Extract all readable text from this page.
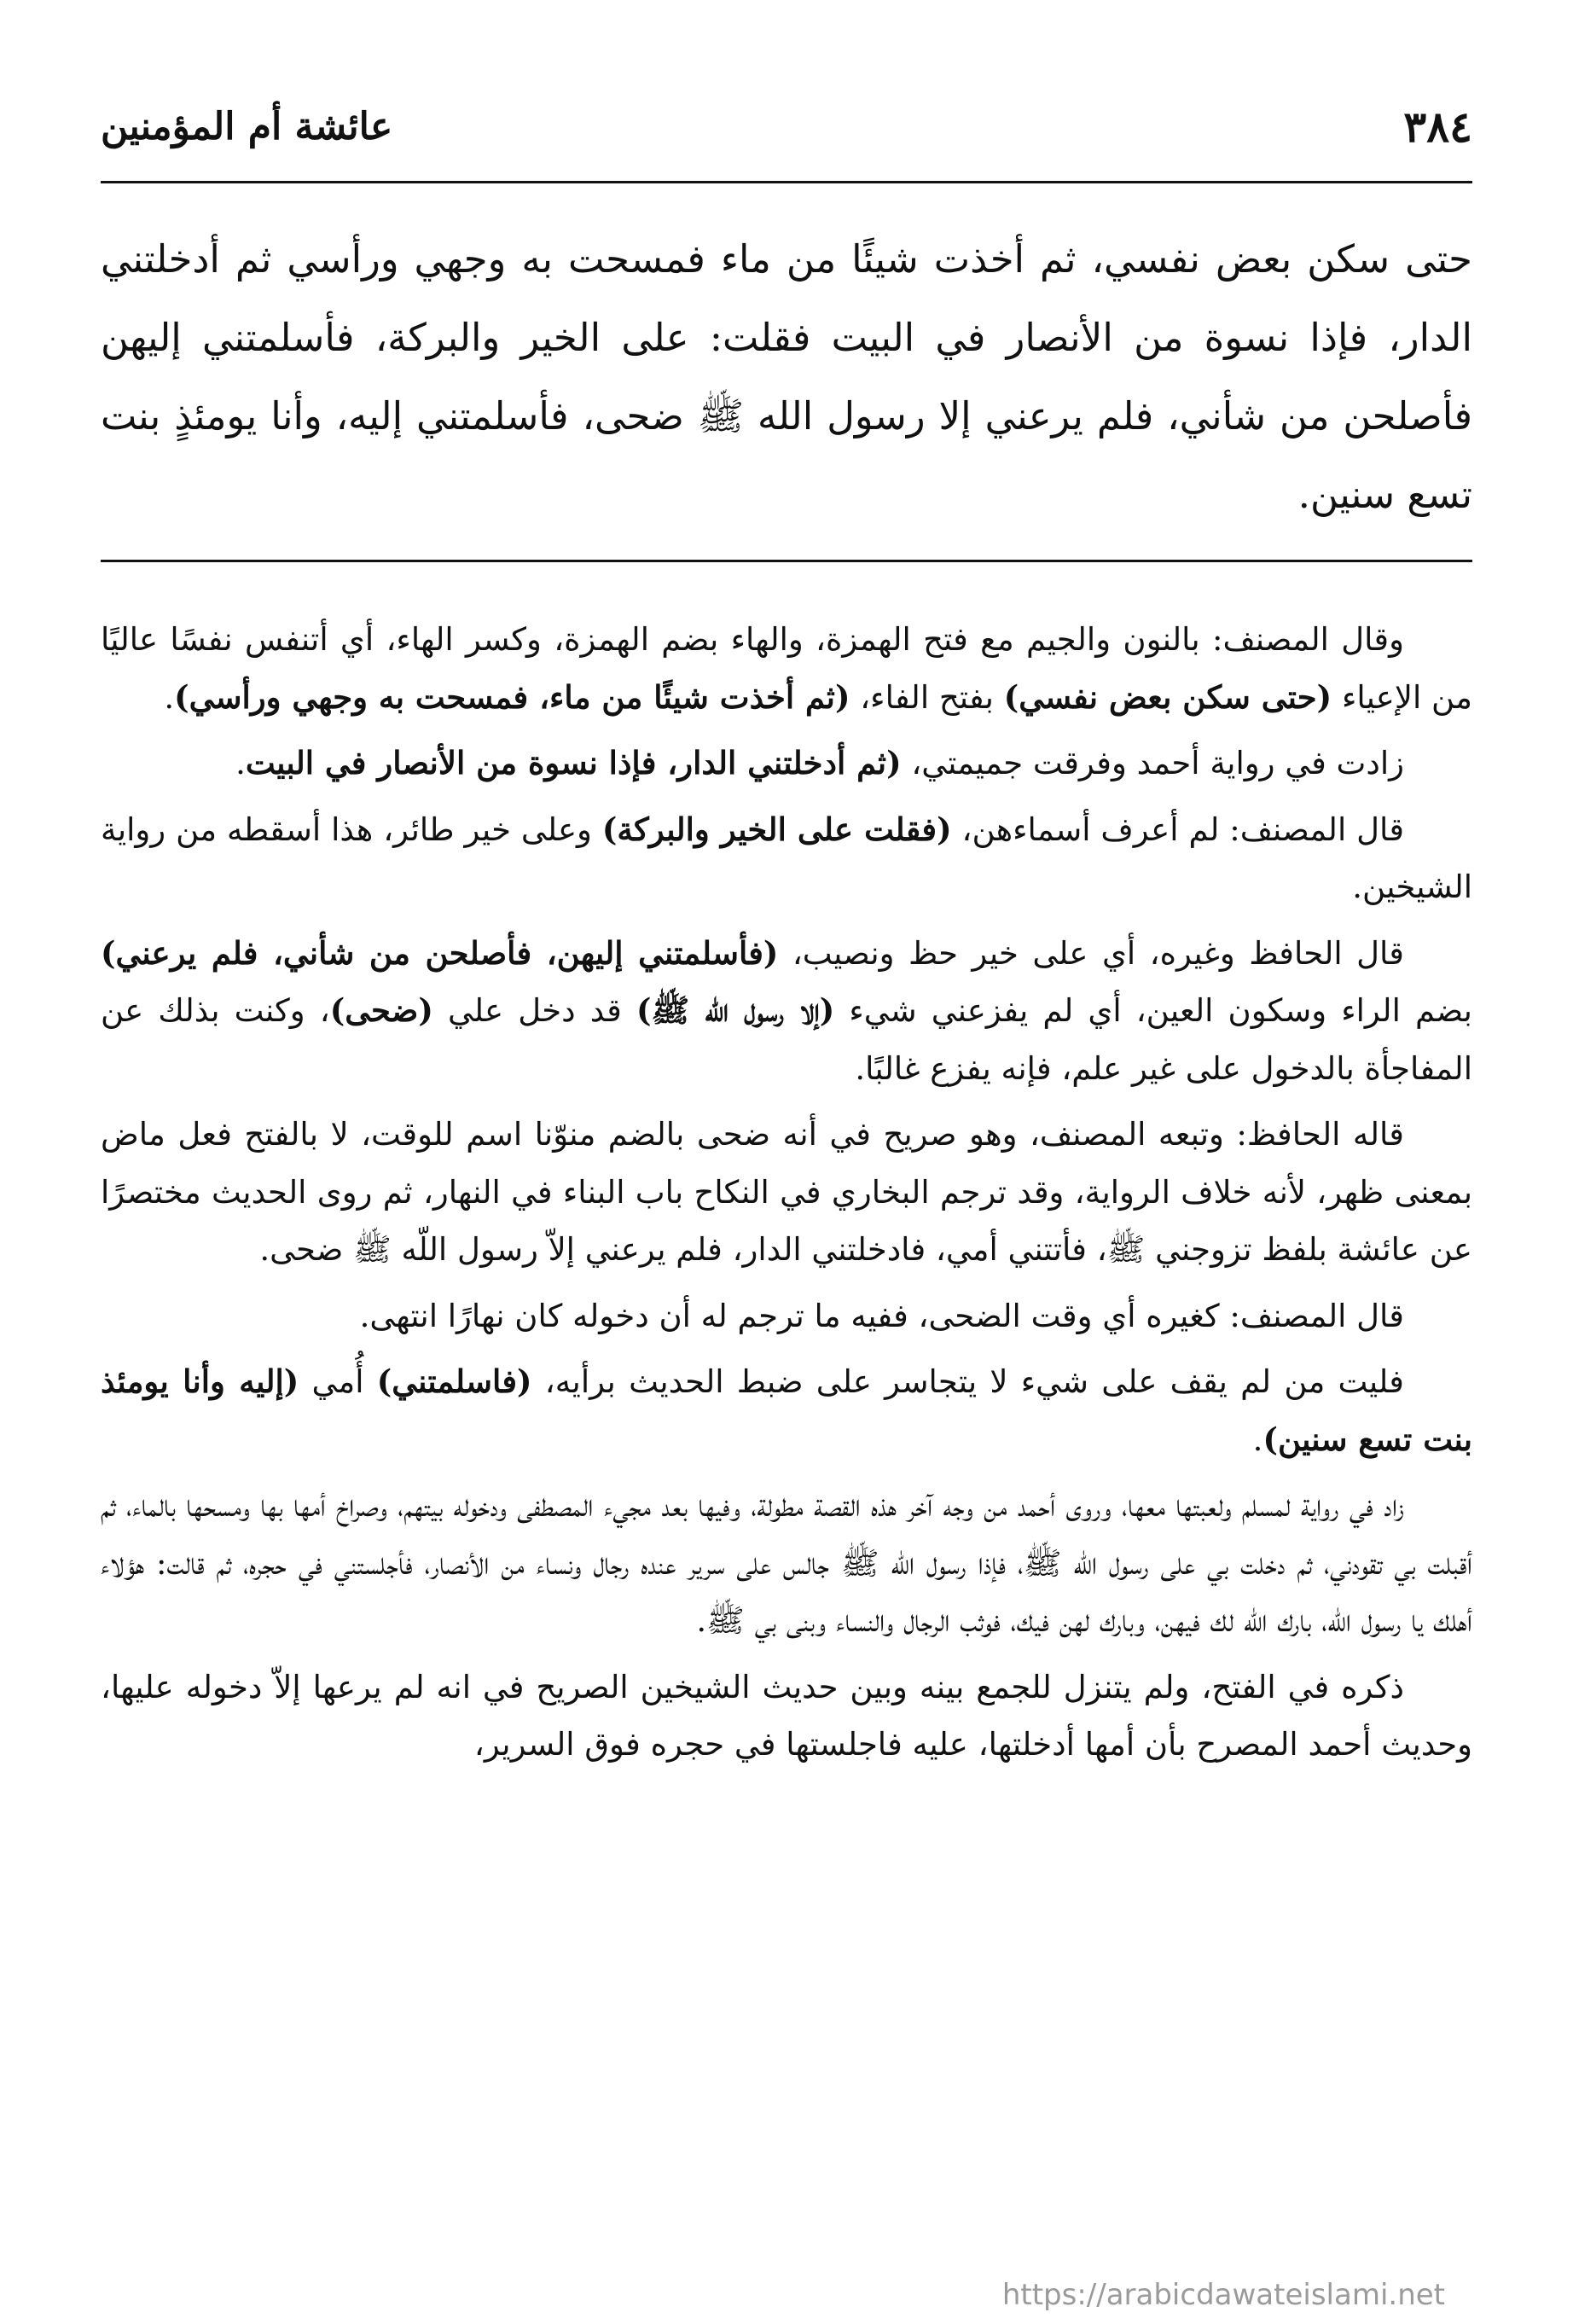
٣٨٤
عائشة أم المؤمنين

حتى سكن بعض نفسي، ثم أخذت شيئًا من ماء فمسحت به وجهي ورأسي ثم أدخلتني الدار، فإذا نسوة من الأنصار في البيت فقلت: على الخير والبركة، فأسلمتني إليهن فأصلحن من شأني، فلم يرعني إلا رسول الله ﷺ ضحى، فأسلمتني إليه، وأنا يومئذٍ بنت تسع سنين.

وقال المصنف: بالنون والجيم مع فتح الهمزة، والهاء بضم الهمزة، وكسر الهاء، أي أتنفس نفسًا عاليًا من الإعياء (حتى سكن بعض نفسي) بفتح الفاء، (ثم أخذت شيئًا من ماء، فمسحت به وجهي ورأسي).

زادت في رواية أحمد وفرقت جميمتي، (ثم أدخلتني الدار، فإذا نسوة من الأنصار في البيت.

قال المصنف: لم أعرف أسماءهن، (فقلت على الخير والبركة) وعلى خير طائر، هذا أسقطه من رواية الشيخين.

قال الحافظ وغيره، أي على خير حظ ونصيب، (فأسلمتني إليهن، فأصلحن من شأني، فلم يرعني) بضم الراء وسكون العين، أي لم يفزعني شيء (إلا رسول الله ﷺ) قد دخل علي (ضحى)، وكنت بذلك عن المفاجأة بالدخول على غير علم، فإنه يفزع غالبًا.

قاله الحافظ: وتبعه المصنف، وهو صريح في أنه ضحى بالضم منوّنا اسم للوقت، لا بالفتح فعل ماض بمعنى ظهر، لأنه خلاف الرواية، وقد ترجم البخاري في النكاح باب البناء في النهار، ثم روى الحديث مختصرًا عن عائشة بلفظ تزوجني ﷺ، فأتتني أمي، فادخلتني الدار، فلم يرعني إلاّ رسول اللّه ﷺ ضحى.

قال المصنف: كغيره أي وقت الضحى، ففيه ما ترجم له أن دخوله كان نهارًا انتهى.

فليت من لم يقف على شيء لا يتجاسر على ضبط الحديث برأيه، (فاسلمتني) أُمي (إليه وأنا يومئذ بنت تسع سنين).

زاد في رواية لمسلم ولعبتها معها، وروى أحمد من وجه آخر هذه القصة مطولة، وفيها بعد مجيء المصطفى ودخوله بيتهم، وصراخ أمها بها ومسحها بالماء، ثم أقبلت بي تقودني، ثم دخلت بي على رسول اللّه ﷺ، فإذا رسول اللّه ﷺ جالس على سرير عنده رجال ونساء من الأنصار، فأجلستني في حجره، ثم قالت: هؤلاء أهلك يا رسول اللّه، بارك اللّه لك فيهن، وبارك لهن فيك، فوثب الرجال والنساء وبنى بي ﷺ.

ذكره في الفتح، ولم يتنزل للجمع بينه وبين حديث الشيخين الصريح في انه لم يرعها إلاّ دخوله عليها، وحديث أحمد المصرح بأن أمها أدخلتها، عليه فاجلستها في حجره فوق السرير،

https://arabicdawateislami.net
